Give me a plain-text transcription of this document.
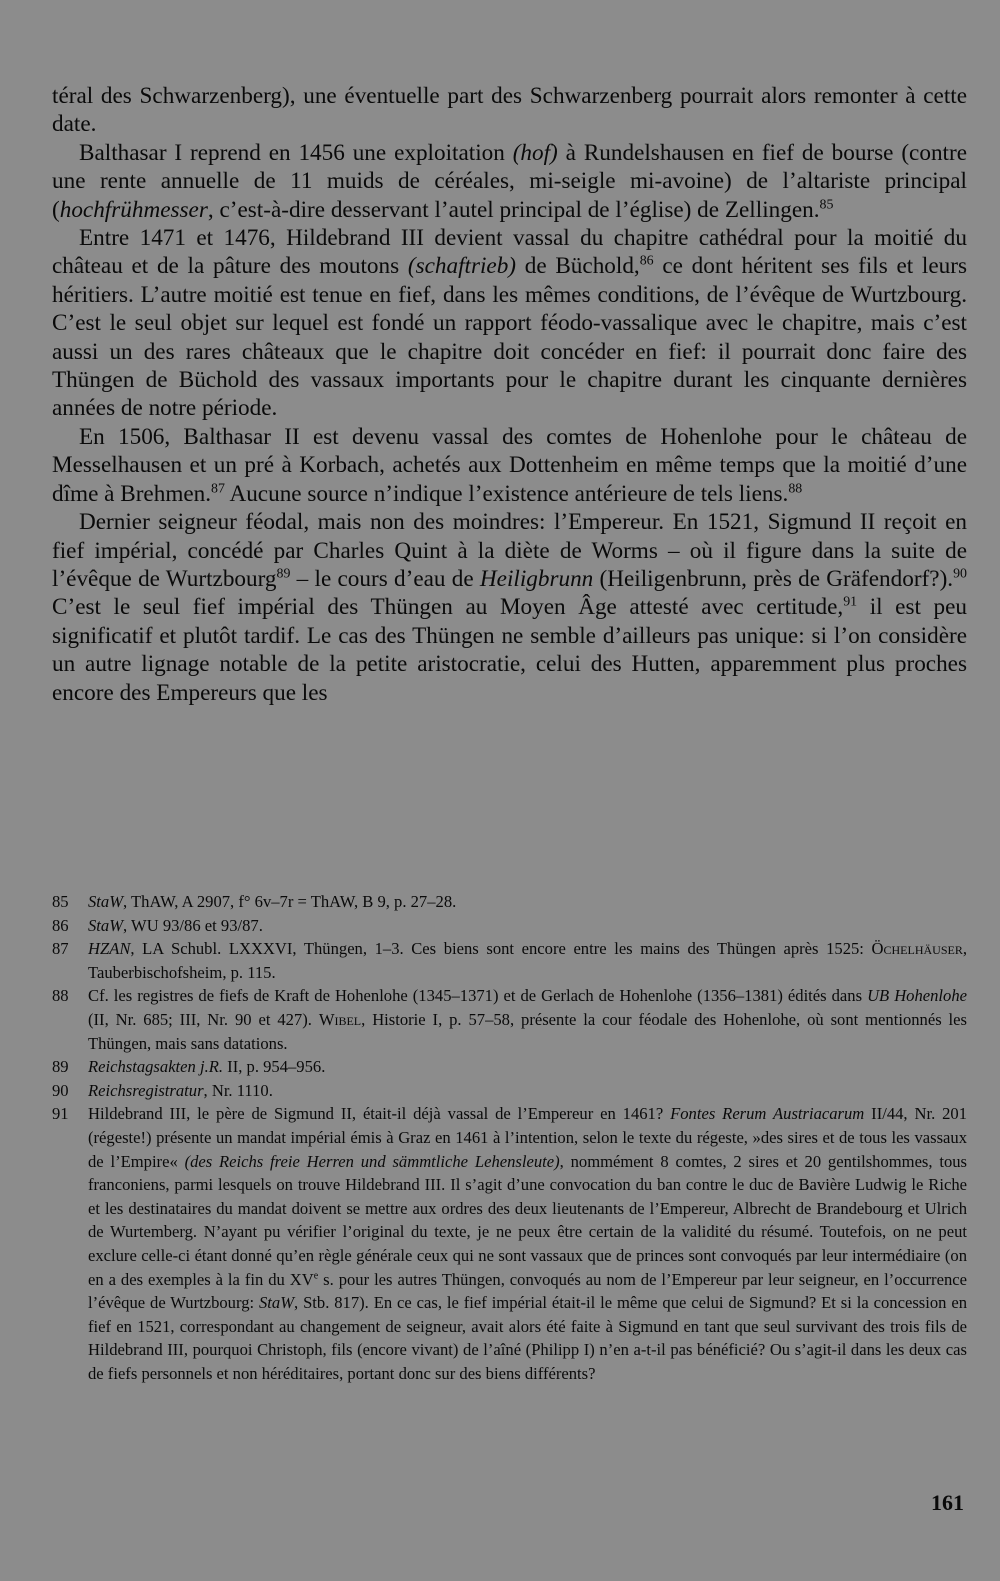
téral des Schwarzenberg), une éventuelle part des Schwarzenberg pourrait alors remonter à cette date.

Balthasar I reprend en 1456 une exploitation (hof) à Rundelshausen en fief de bourse (contre une rente annuelle de 11 muids de céréales, mi-seigle mi-avoine) de l’altariste principal (hochfrühmesser, c’est-à-dire desservant l’autel principal de l’église) de Zellingen.$^{85}$

Entre 1471 et 1476, Hildebrand III devient vassal du chapitre cathédral pour la moitié du château et de la pâture des moutons (schaftrieb) de Büchold,$^{86}$ ce dont héritent ses fils et leurs héritiers. L’autre moitié est tenue en fief, dans les mêmes conditions, de l’évêque de Wurtzbourg. C’est le seul objet sur lequel est fondé un rapport féodo-vassalique avec le chapitre, mais c’est aussi un des rares châteaux que le chapitre doit concéder en fief: il pourrait donc faire des Thüngen de Büchold des vassaux importants pour le chapitre durant les cinquante dernières années de notre période.

En 1506, Balthasar II est devenu vassal des comtes de Hohenlohe pour le château de Messelhausen et un pré à Korbach, achetés aux Dottenheim en même temps que la moitié d’une dîme à Brehmen.$^{87}$ Aucune source n’indique l’existence antérieure de tels liens.$^{88}$

Dernier seigneur féodal, mais non des moindres: l’Empereur. En 1521, Sigmund II reçoit en fief impérial, concédé par Charles Quint à la diète de Worms – où il figure dans la suite de l’évêque de Wurtzbourg$^{89}$ – le cours d’eau de Heiligbrunn (Heiligenbrunn, près de Gräfendorf?).$^{90}$ C’est le seul fief impérial des Thüngen au Moyen Âge attesté avec certitude,$^{91}$ il est peu significatif et plutôt tardif. Le cas des Thüngen ne semble d’ailleurs pas unique: si l’on considère un autre lignage notable de la petite aristocratie, celui des Hutten, apparemment plus proches encore des Empereurs que les

85	StaW, ThAW, A 2907, f° 6v–7r = ThAW, B 9, p. 27–28.
86	StaW, WU 93/86 et 93/87.
87	HZAN, LA Schubl. LXXXVI, Thüngen, 1–3. Ces biens sont encore entre les mains des Thüngen après 1525: Öchelhäuser, Tauberbischofsheim, p. 115.
88	Cf. les registres de fiefs de Kraft de Hohenlohe (1345–1371) et de Gerlach de Hohenlohe (1356–1381) édités dans UB Hohenlohe (II, Nr. 685; III, Nr. 90 et 427). Wibel, Historie I, p. 57–58, présente la cour féodale des Hohenlohe, où sont mentionnés les Thüngen, mais sans datations.
89	Reichstagsakten j.R. II, p. 954–956.
90	Reichsregistratur, Nr. 1110.
91	Hildebrand III, le père de Sigmund II, était-il déjà vassal de l’Empereur en 1461? Fontes Rerum Austriacarum II/44, Nr. 201 (régeste!) présente un mandat impérial émis à Graz en 1461 à l’intention, selon le texte du régeste, »des sires et de tous les vassaux de l’Empire« (des Reichs freie Herren und sämmtliche Lehensleute), nommément 8 comtes, 2 sires et 20 gentilshommes, tous franconiens, parmi lesquels on trouve Hildebrand III. Il s’agit d’une convocation du ban contre le duc de Bavière Ludwig le Riche et les destinataires du mandat doivent se mettre aux ordres des deux lieutenants de l’Empereur, Albrecht de Brandebourg et Ulrich de Wurtemberg. N’ayant pu vérifier l’original du texte, je ne peux être certain de la validité du résumé. Toutefois, on ne peut exclure celle-ci étant donné qu’en règle générale ceux qui ne sont vassaux que de princes sont convoqués par leur intermédiaire (on en a des exemples à la fin du XVe s. pour les autres Thüngen, convoqués au nom de l’Empereur par leur seigneur, en l’occurrence l’évêque de Wurtzbourg: StaW, Stb. 817). En ce cas, le fief impérial était-il le même que celui de Sigmund? Et si la concession en fief en 1521, correspondant au changement de seigneur, avait alors été faite à Sigmund en tant que seul survivant des trois fils de Hildebrand III, pourquoi Christoph, fils (encore vivant) de l’aîné (Philipp I) n’en a-t-il pas bénéficié? Ou s’agit-il dans les deux cas de fiefs personnels et non héréditaires, portant donc sur des biens différents?
161
